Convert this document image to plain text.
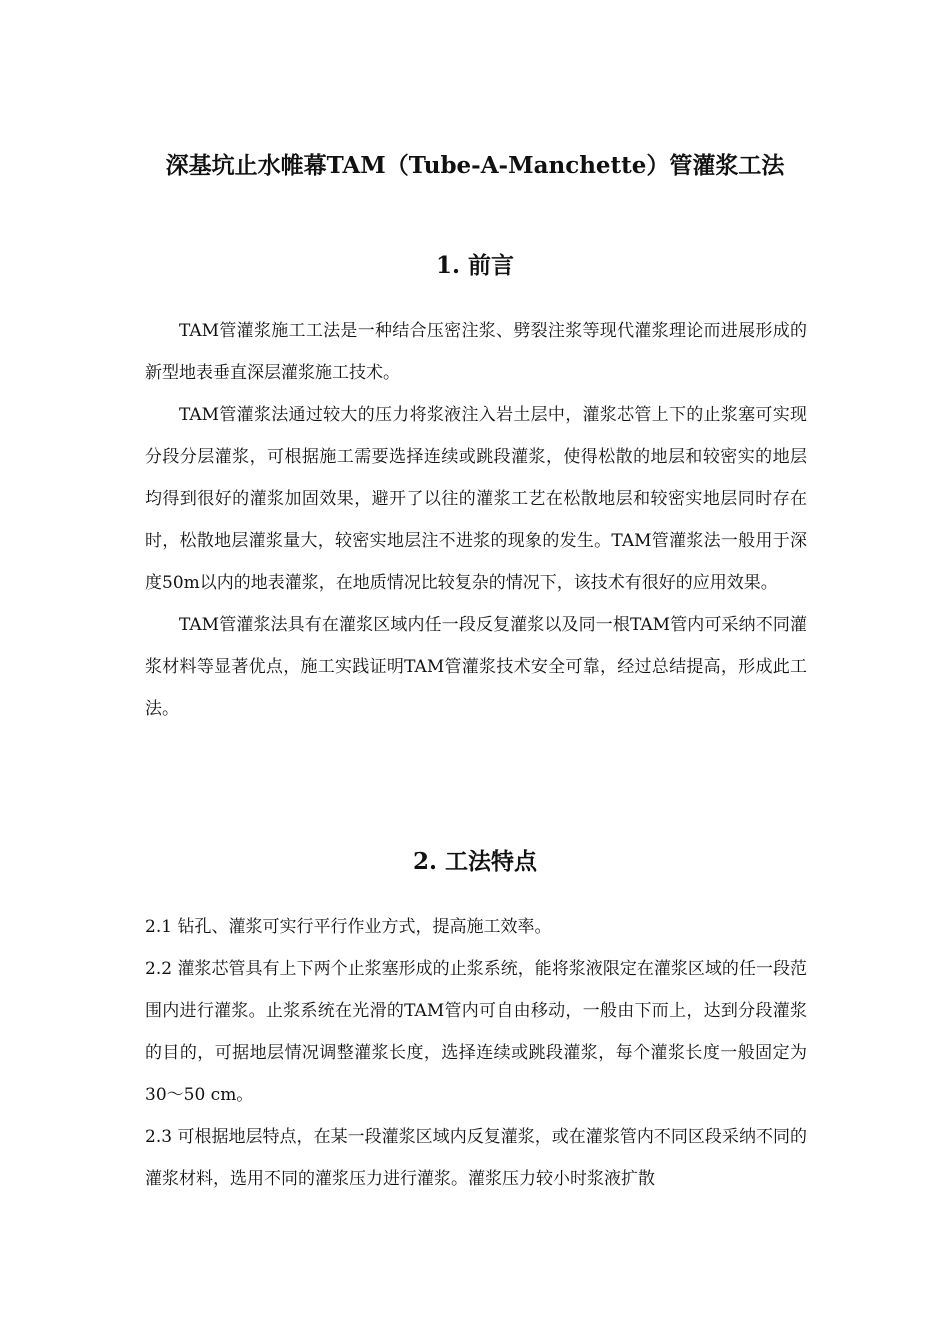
深基坑止水帷幕TAM（Tube-A-Manchette）管灌浆工法
1. 前言

TAM管灌浆施工工法是一种结合压密注浆、劈裂注浆等现代灌浆理论而进展形成的新型地表垂直深层灌浆施工技术。

TAM管灌浆法通过较大的压力将浆液注入岩土层中，灌浆芯管上下的止浆塞可实现分段分层灌浆，可根据施工需要选择连续或跳段灌浆，使得松散的地层和较密实的地层均得到很好的灌浆加固效果，避开了以往的灌浆工艺在松散地层和较密实地层同时存在时，松散地层灌浆量大，较密实地层注不进浆的现象的发生。TAM管灌浆法一般用于深度50m以内的地表灌浆，在地质情况比较复杂的情况下，该技术有很好的应用效果。

TAM管灌浆法具有在灌浆区域内任一段反复灌浆以及同一根TAM管内可采纳不同灌浆材料等显著优点，施工实践证明TAM管灌浆技术安全可靠，经过总结提高，形成此工法。

2. 工法特点

2.1 钻孔、灌浆可实行平行作业方式，提高施工效率。

2.2 灌浆芯管具有上下两个止浆塞形成的止浆系统，能将浆液限定在灌浆区域的任一段范围内进行灌浆。止浆系统在光滑的TAM管内可自由移动，一般由下而上，达到分段灌浆的目的，可据地层情况调整灌浆长度，选择连续或跳段灌浆，每个灌浆长度一般固定为30～50 cm。

2.3 可根据地层特点，在某一段灌浆区域内反复灌浆，或在灌浆管内不同区段采纳不同的灌浆材料，选用不同的灌浆压力进行灌浆。灌浆压力较小时浆液扩散
